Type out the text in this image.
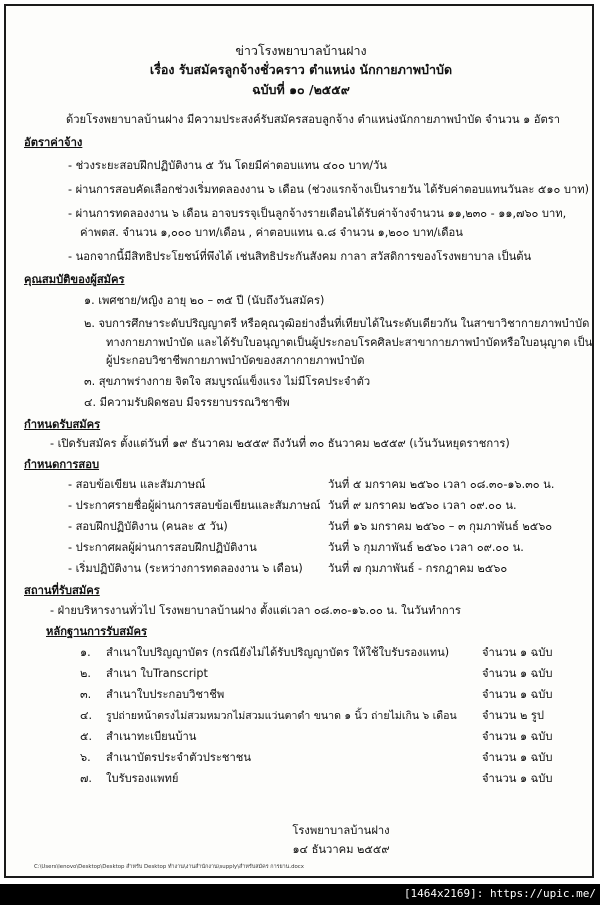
ข่าวโรงพยาบาลบ้านฝาง
เรื่อง รับสมัครลูกจ้างชั่วคราว ตำแหน่ง นักกายภาพบำบัด
ฉบับที่ ๑๐ /๒๕๕๙
ด้วยโรงพยาบาลบ้านฝาง มีความประสงค์รับสมัครสอบลูกจ้าง ตำแหน่งนักกายภาพบำบัด จำนวน ๑ อัตรา
อัตราค่าจ้าง
- ช่วงระยะสอบฝึกปฏิบัติงาน ๕ วัน โดยมีค่าตอบแทน ๔๐๐ บาท/วัน
- ผ่านการสอบคัดเลือกช่วงเริ่มทดลองงาน ๖ เดือน (ช่วงแรกจ้างเป็นรายวัน ได้รับค่าตอบแทนวันละ ๕๑๐ บาท)
- ผ่านการทดลองงาน ๖ เดือน อาจบรรจุเป็นลูกจ้างรายเดือนได้รับค่าจ้างจำนวน ๑๑,๒๓๐ - ๑๑,๗๖๐ บาท,
ค่าพตส. จำนวน ๑,๐๐๐ บาท/เดือน , ค่าตอบแทน ฉ.๘ จำนวน ๑,๒๐๐ บาท/เดือน
- นอกจากนี้มีสิทธิประโยชน์ที่พึงได้ เช่นสิทธิประกันสังคม กาลา สวัสดิการของโรงพยาบาล เป็นต้น
คุณสมบัติของผู้สมัคร
๑. เพศชาย/หญิง อายุ ๒๐ – ๓๕ ปี (นับถึงวันสมัคร)
๒. จบการศึกษาระดับปริญญาตรี หรือคุณวุฒิอย่างอื่นที่เทียบได้ในระดับเดียวกัน ในสาขาวิชากายภาพบำบัด
ทางกายภาพบำบัด และได้รับใบอนุญาตเป็นผู้ประกอบโรคศิลปะสาขากายภาพบำบัดหรือใบอนุญาต เป็น
ผู้ประกอบวิชาชีพกายภาพบำบัดของสภากายภาพบำบัด
๓. สุขภาพร่างกาย จิตใจ สมบูรณ์แข็งแรง ไม่มีโรคประจำตัว
๔. มีความรับผิดชอบ มีจรรยาบรรณวิชาชีพ
กำหนดรับสมัคร
- เปิดรับสมัคร ตั้งแต่วันที่ ๑๙ ธันวาคม ๒๕๕๙ ถึงวันที่ ๓๐ ธันวาคม ๒๕๕๙ (เว้นวันหยุดราชการ)
กำหนดการสอบ
- สอบข้อเขียน และสัมภาษณ์	วันที่ ๕ มกราคม ๒๕๖๐ เวลา ๐๘.๓๐-๑๖.๓๐ น.
- ประกาศรายชื่อผู้ผ่านการสอบข้อเขียนและสัมภาษณ์ วันที่ ๙ มกราคม ๒๕๖๐ เวลา ๐๙.๐๐ น.
- สอบฝึกปฏิบัติงาน (คนละ ๕ วัน)	วันที่ ๑๖ มกราคม ๒๕๖๐ – ๓ กุมภาพันธ์ ๒๕๖๐
- ประกาศผลผู้ผ่านการสอบฝึกปฏิบัติงาน	วันที่ ๖ กุมภาพันธ์ ๒๕๖๐ เวลา ๐๙.๐๐ น.
- เริ่มปฏิบัติงาน (ระหว่างการทดลองงาน ๖ เดือน) วันที่ ๗ กุมภาพันธ์ - กรกฎาคม ๒๕๖๐
สถานที่รับสมัคร
- ฝ่ายบริหารงานทั่วไป โรงพยาบาลบ้านฝาง ตั้งแต่เวลา ๐๘.๓๐-๑๖.๐๐ น. ในวันทำการ
หลักฐานการรับสมัคร
๑. สำเนาใบปริญญาบัตร (กรณียังไม่ได้รับปริญญาบัตร ให้ใช้ใบรับรองแทน)	จำนวน ๑ ฉบับ
๒. สำเนา ใบTranscript	จำนวน ๑ ฉบับ
๓. สำเนาใบประกอบวิชาชีพ	จำนวน ๑ ฉบับ
๔. รูปถ่ายหน้าตรงไม่สวมหมวกไม่สวมแว่นตาดำ ขนาด ๑ นิ้ว ถ่ายไม่เกิน ๖ เดือน จำนวน ๒ รูป
๕. สำเนาทะเบียนบ้าน	จำนวน ๑ ฉบับ
๖. สำเนาบัตรประจำตัวประชาชน	จำนวน ๑ ฉบับ
๗. ใบรับรองแพทย์	จำนวน ๑ ฉบับ
โรงพยาบาลบ้านฝาง
๑๔ ธันวาคม ๒๕๕๙
C:\Users\lenovo\Desktop\Desktop สำหรับ Desktop ทำงาน\งานสำนักงาน\supply\สำหรับสมัคร การยาน.docx
[1464x2169]: https://upic.me/
